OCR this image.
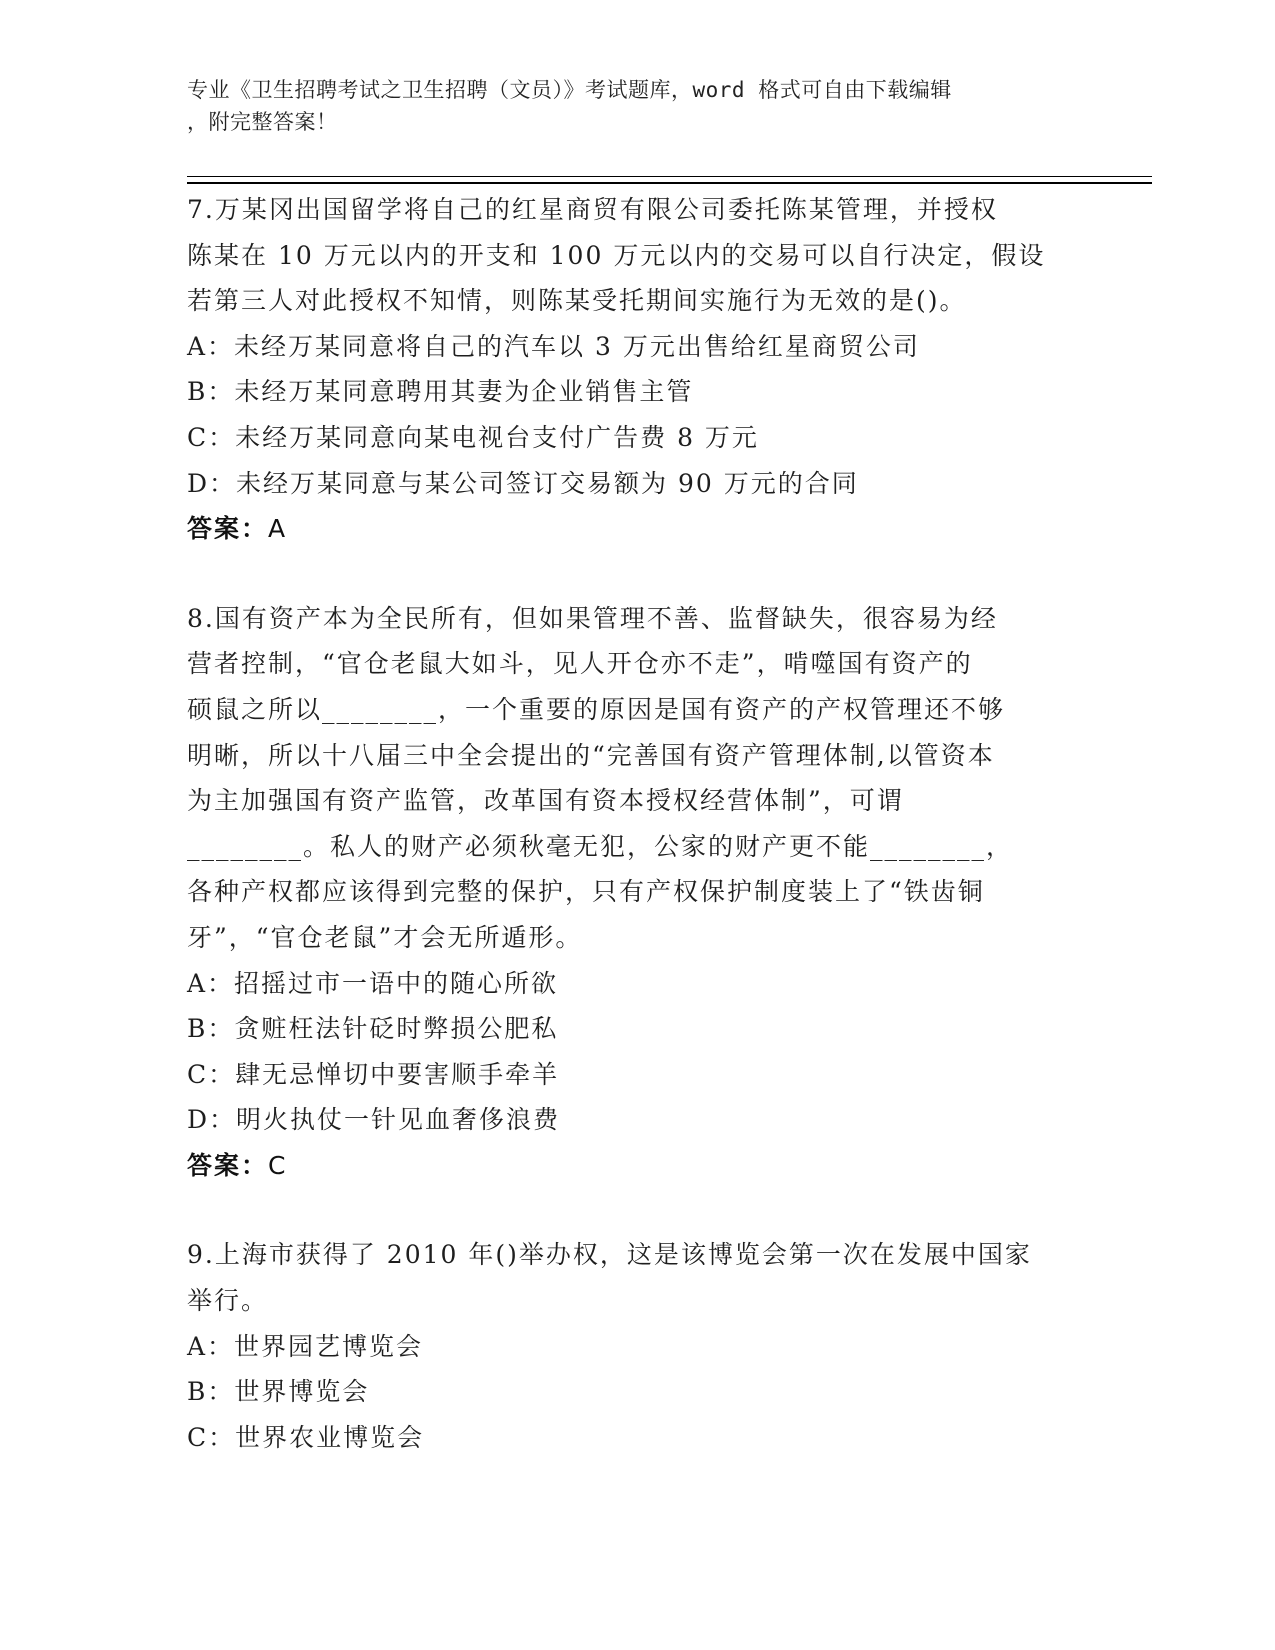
专业《卫生招聘考试之卫生招聘（文员）》考试题库，word 格式可自由下载编辑
，附完整答案！

7.万某冈出国留学将自己的红星商贸有限公司委托陈某管理，并授权

陈某在 10 万元以内的开支和 100 万元以内的交易可以自行决定，假设

若第三人对此授权不知情，则陈某受托期间实施行为无效的是()。

A：未经万某同意将自己的汽车以 3 万元出售给红星商贸公司

B：未经万某同意聘用其妻为企业销售主管

C：未经万某同意向某电视台支付广告费 8 万元

D：未经万某同意与某公司签订交易额为 90 万元的合同

答案：A

8.国有资产本为全民所有，但如果管理不善、监督缺失，很容易为经

营者控制，“官仓老鼠大如斗，见人开仓亦不走”，啃噬国有资产的

硕鼠之所以________，一个重要的原因是国有资产的产权管理还不够

明晰，所以十八届三中全会提出的“完善国有资产管理体制,以管资本

为主加强国有资产监管，改革国有资本授权经营体制”，可谓

________。私人的财产必须秋毫无犯，公家的财产更不能________，

各种产权都应该得到完整的保护，只有产权保护制度装上了“铁齿铜

牙”，“官仓老鼠”才会无所遁形。

A：招摇过市一语中的随心所欲

B：贪赃枉法针砭时弊损公肥私

C：肆无忌惮切中要害顺手牵羊

D：明火执仗一针见血奢侈浪费

答案：C

9.上海市获得了 2010 年()举办权，这是该博览会第一次在发展中国家

举行。

A：世界园艺博览会

B：世界博览会

C：世界农业博览会
